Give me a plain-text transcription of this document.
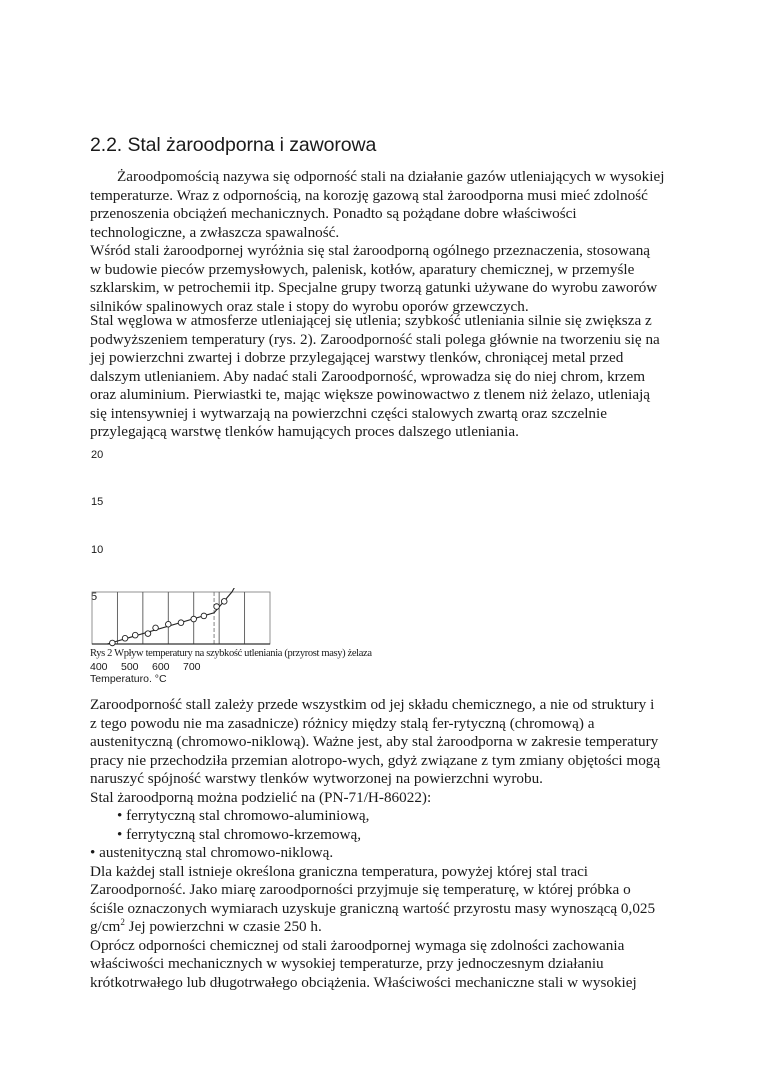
2.2. Stal żaroodporna i zaworowa
Żaroodpomością nazywa się odporność stali na działanie gazów utleniających w wysokiej
temperaturze. Wraz z odpornością, na korozję gazową stal żaroodporna musi mieć zdolność
przenoszenia obciążeń mechanicznych. Ponadto są pożądane dobre właściwości
technologiczne, a zwłaszcza spawalność.
Wśród stali żaroodpornej wyróżnia się stal żaroodporną ogólnego przeznaczenia, stosowaną
w budowie pieców przemysłowych, palenisk, kotłów, aparatury chemicznej, w przemyśle
szklarskim, w petrochemii itp. Specjalne grupy tworzą gatunki używane do wyrobu zaworów
silników spalinowych oraz stale i stopy do wyrobu oporów grzewczych.
Stal węglowa w atmosferze utleniającej się utlenia; szybkość utleniania silnie się zwiększa z
podwyższeniem temperatury (rys. 2). Zaroodporność stali polega głównie na tworzeniu się na
jej powierzchni zwartej i dobrze przylegającej warstwy tlenków, chroniącej metal przed
dalszym utlenianiem. Aby nadać stali Zaroodporność, wprowadza się do niej chrom, krzem
oraz aluminium. Pierwiastki te, mając większe powinowactwo z tlenem niż żelazo, utleniają
się intensywniej i wytwarzają na powierzchni części stalowych zwartą oraz szczelnie
przylegającą warstwę tlenków hamujących proces dalszego utleniania.
20
15
10
5
Rys 2 Wpływ temperatury na szybkość utleniania (przyrost masy) żelaza
400 500 600 700
Temperaturo. °C
Zaroodporność stall zależy przede wszystkim od jej składu chemicznego, a nie od struktury i
z tego powodu nie ma zasadnicze) różnicy między stalą fer-rytyczną (chromową) a
austenityczną (chromowo-niklową). Ważne jest, aby stal żaroodporna w zakresie temperatury
pracy nie przechodziła przemian alotropo-wych, gdyż związane z tym zmiany objętości mogą
naruszyć spójność warstwy tlenków wytworzonej na powierzchni wyrobu.
Stal żaroodporną można podzielić na (PN-71/H-86022):
• ferrytyczną stal chromowo-aluminiową,
• ferrytyczną stal chromowo-krzemową,
• austenityczną stal chromowo-niklową.
Dla każdej stall istnieje określona graniczna temperatura, powyżej której stal traci
Zaroodporność. Jako miarę zaroodporności przyjmuje się temperaturę, w której próbka o
ściśle oznaczonych wymiarach uzyskuje graniczną wartość przyrostu masy wynoszącą 0,025
$g/cm^2$ Jej powierzchni w czasie 250 h.
Oprócz odporności chemicznej od stali żaroodpornej wymaga się zdolności zachowania
właściwości mechanicznych w wysokiej temperaturze, przy jednoczesnym działaniu
krótkotrwałego lub długotrwałego obciążenia. Właściwości mechaniczne stali w wysokiej
